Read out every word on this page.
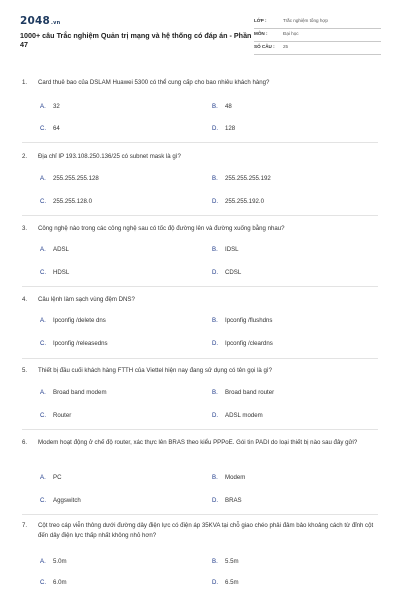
2048.vn
1000+ câu Trắc nghiệm Quản trị mạng và hệ thống có đáp án - Phần 47
LỚP :	Trắc nghiệm tổng hợp
MÔN :	Đại học
SỐ CÂU : 25
1. Card thuê bao của DSLAM Huawei 5300 có thể cung cấp cho bao nhiêu khách hàng?
A. 32	B. 48
C. 64	D. 128
2. Địa chỉ IP 193.108.250.136/25 có subnet mask là gì?
A. 255.255.255.128	B. 255.255.255.192
C. 255.255.128.0	D. 255.255.192.0
3. Công nghệ nào trong các công nghệ sau có tốc độ đường lên và đường xuống bằng nhau?
A. ADSL	B. IDSL
C. HDSL	D. CDSL
4. Câu lệnh làm sạch vùng đệm DNS?
A. Ipconfig /delete dns	B. Ipconfig /flushdns
C. Ipconfig /releasedns	D. Ipconfig /cleardns
5. Thiết bị đầu cuối khách hàng FTTH của Viettel hiện nay đang sử dụng có tên gọi là gì?
A. Broad band modem	B. Broad band router
C. Router	D. ADSL modem
6. Modem hoạt động ở chế độ router, xác thực lên BRAS theo kiểu PPPoE. Gói tin PADI do loại thiết bị nào sau đây gửi?
A. PC	B. Modem
C. Aggswitch	D. BRAS
7. Cột treo cáp viễn thông dưới đường dây điện lực có điện áp 35KVA tại chỗ giao chéo phải đảm bảo khoảng cách từ đỉnh cột đến dây điện lực thấp nhất không nhỏ hơn?
A. 5.0m	B. 5.5m
C. 6.0m	D. 6.5m
